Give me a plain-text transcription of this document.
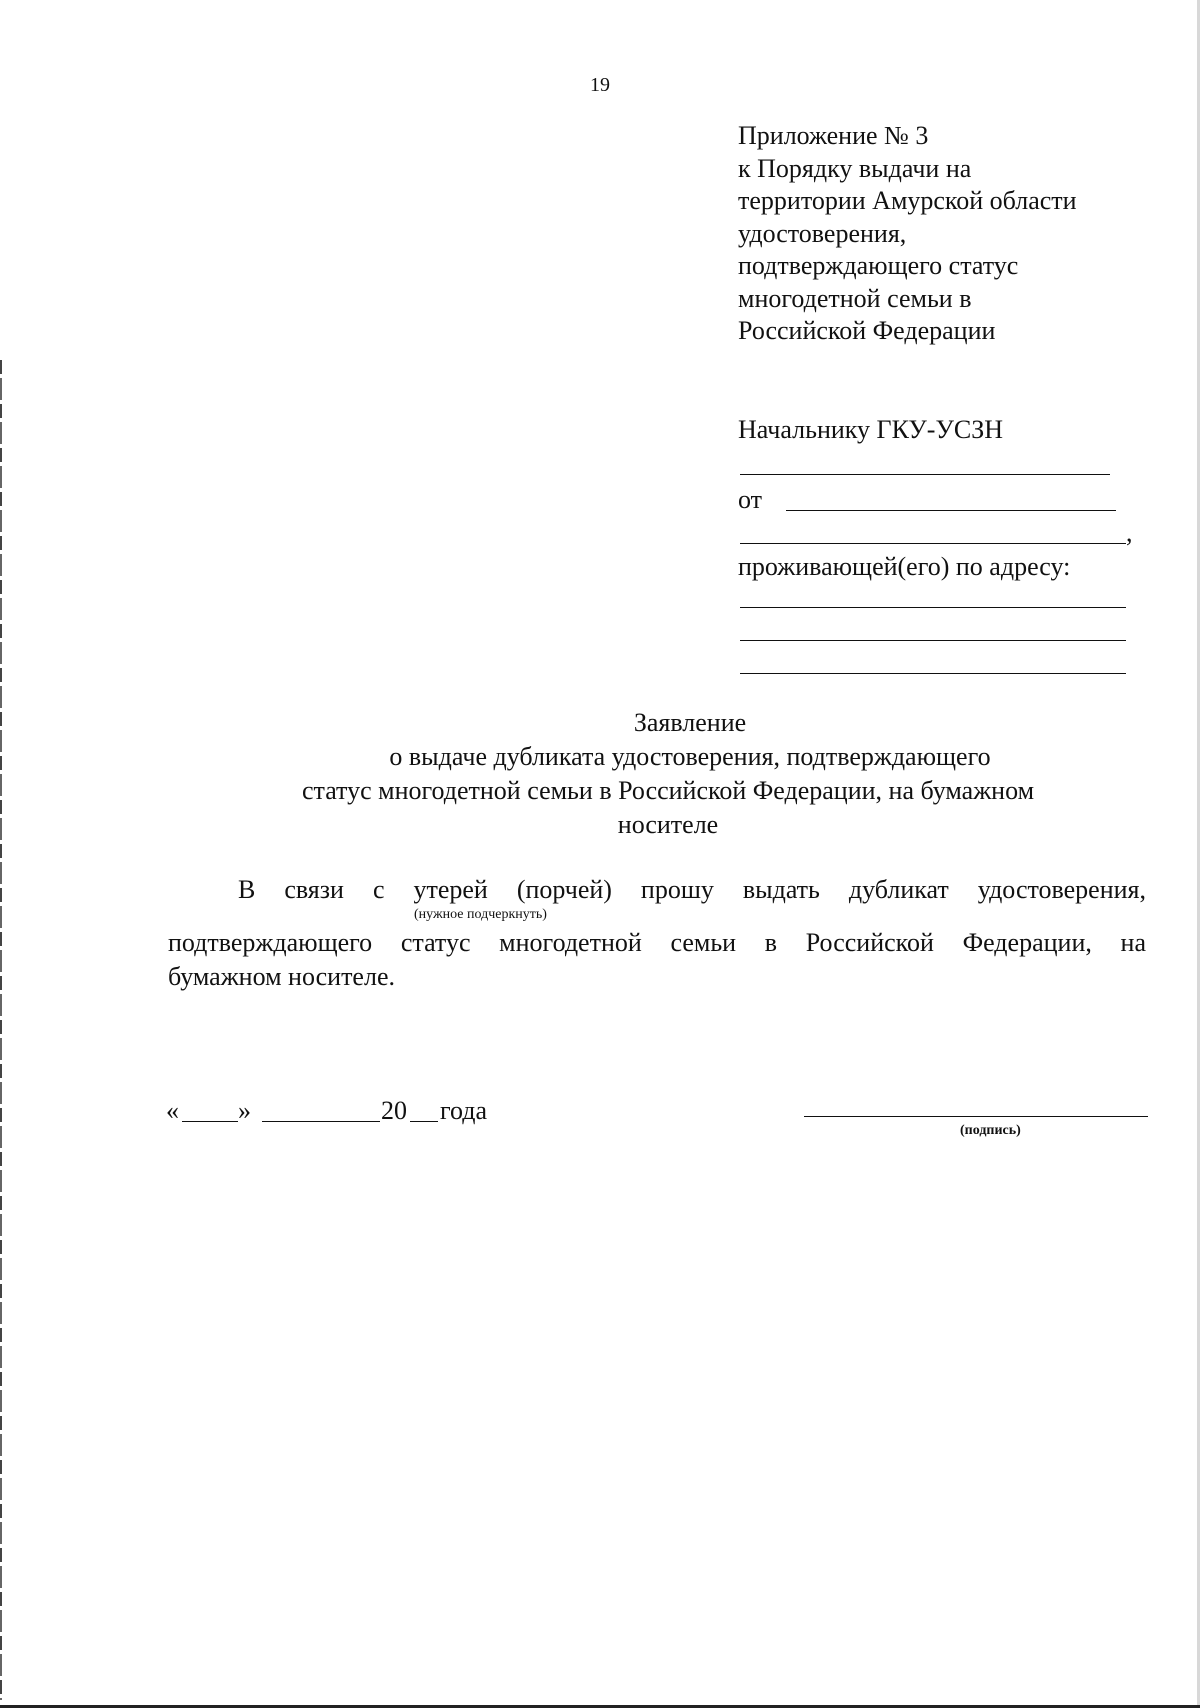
19
Приложение № 3
к Порядку выдачи на
территории Амурской области
удостоверения,
подтверждающего статус
многодетной семьи в
Российской Федерации
Начальнику ГКУ-УСЗН
от
,
проживающей(его) по адресу:
Заявление
о выдаче дубликата удостоверения, подтверждающего
статус многодетной семьи в Российской Федерации, на бумажном
носителе
В связи с утерей (порчей) прошу выдать дубликат удостоверения,
(нужное подчеркнуть)
подтверждающего статус многодетной семьи в Российской Федерации, на
бумажном носителе.
« »	20 года
(подпись)
